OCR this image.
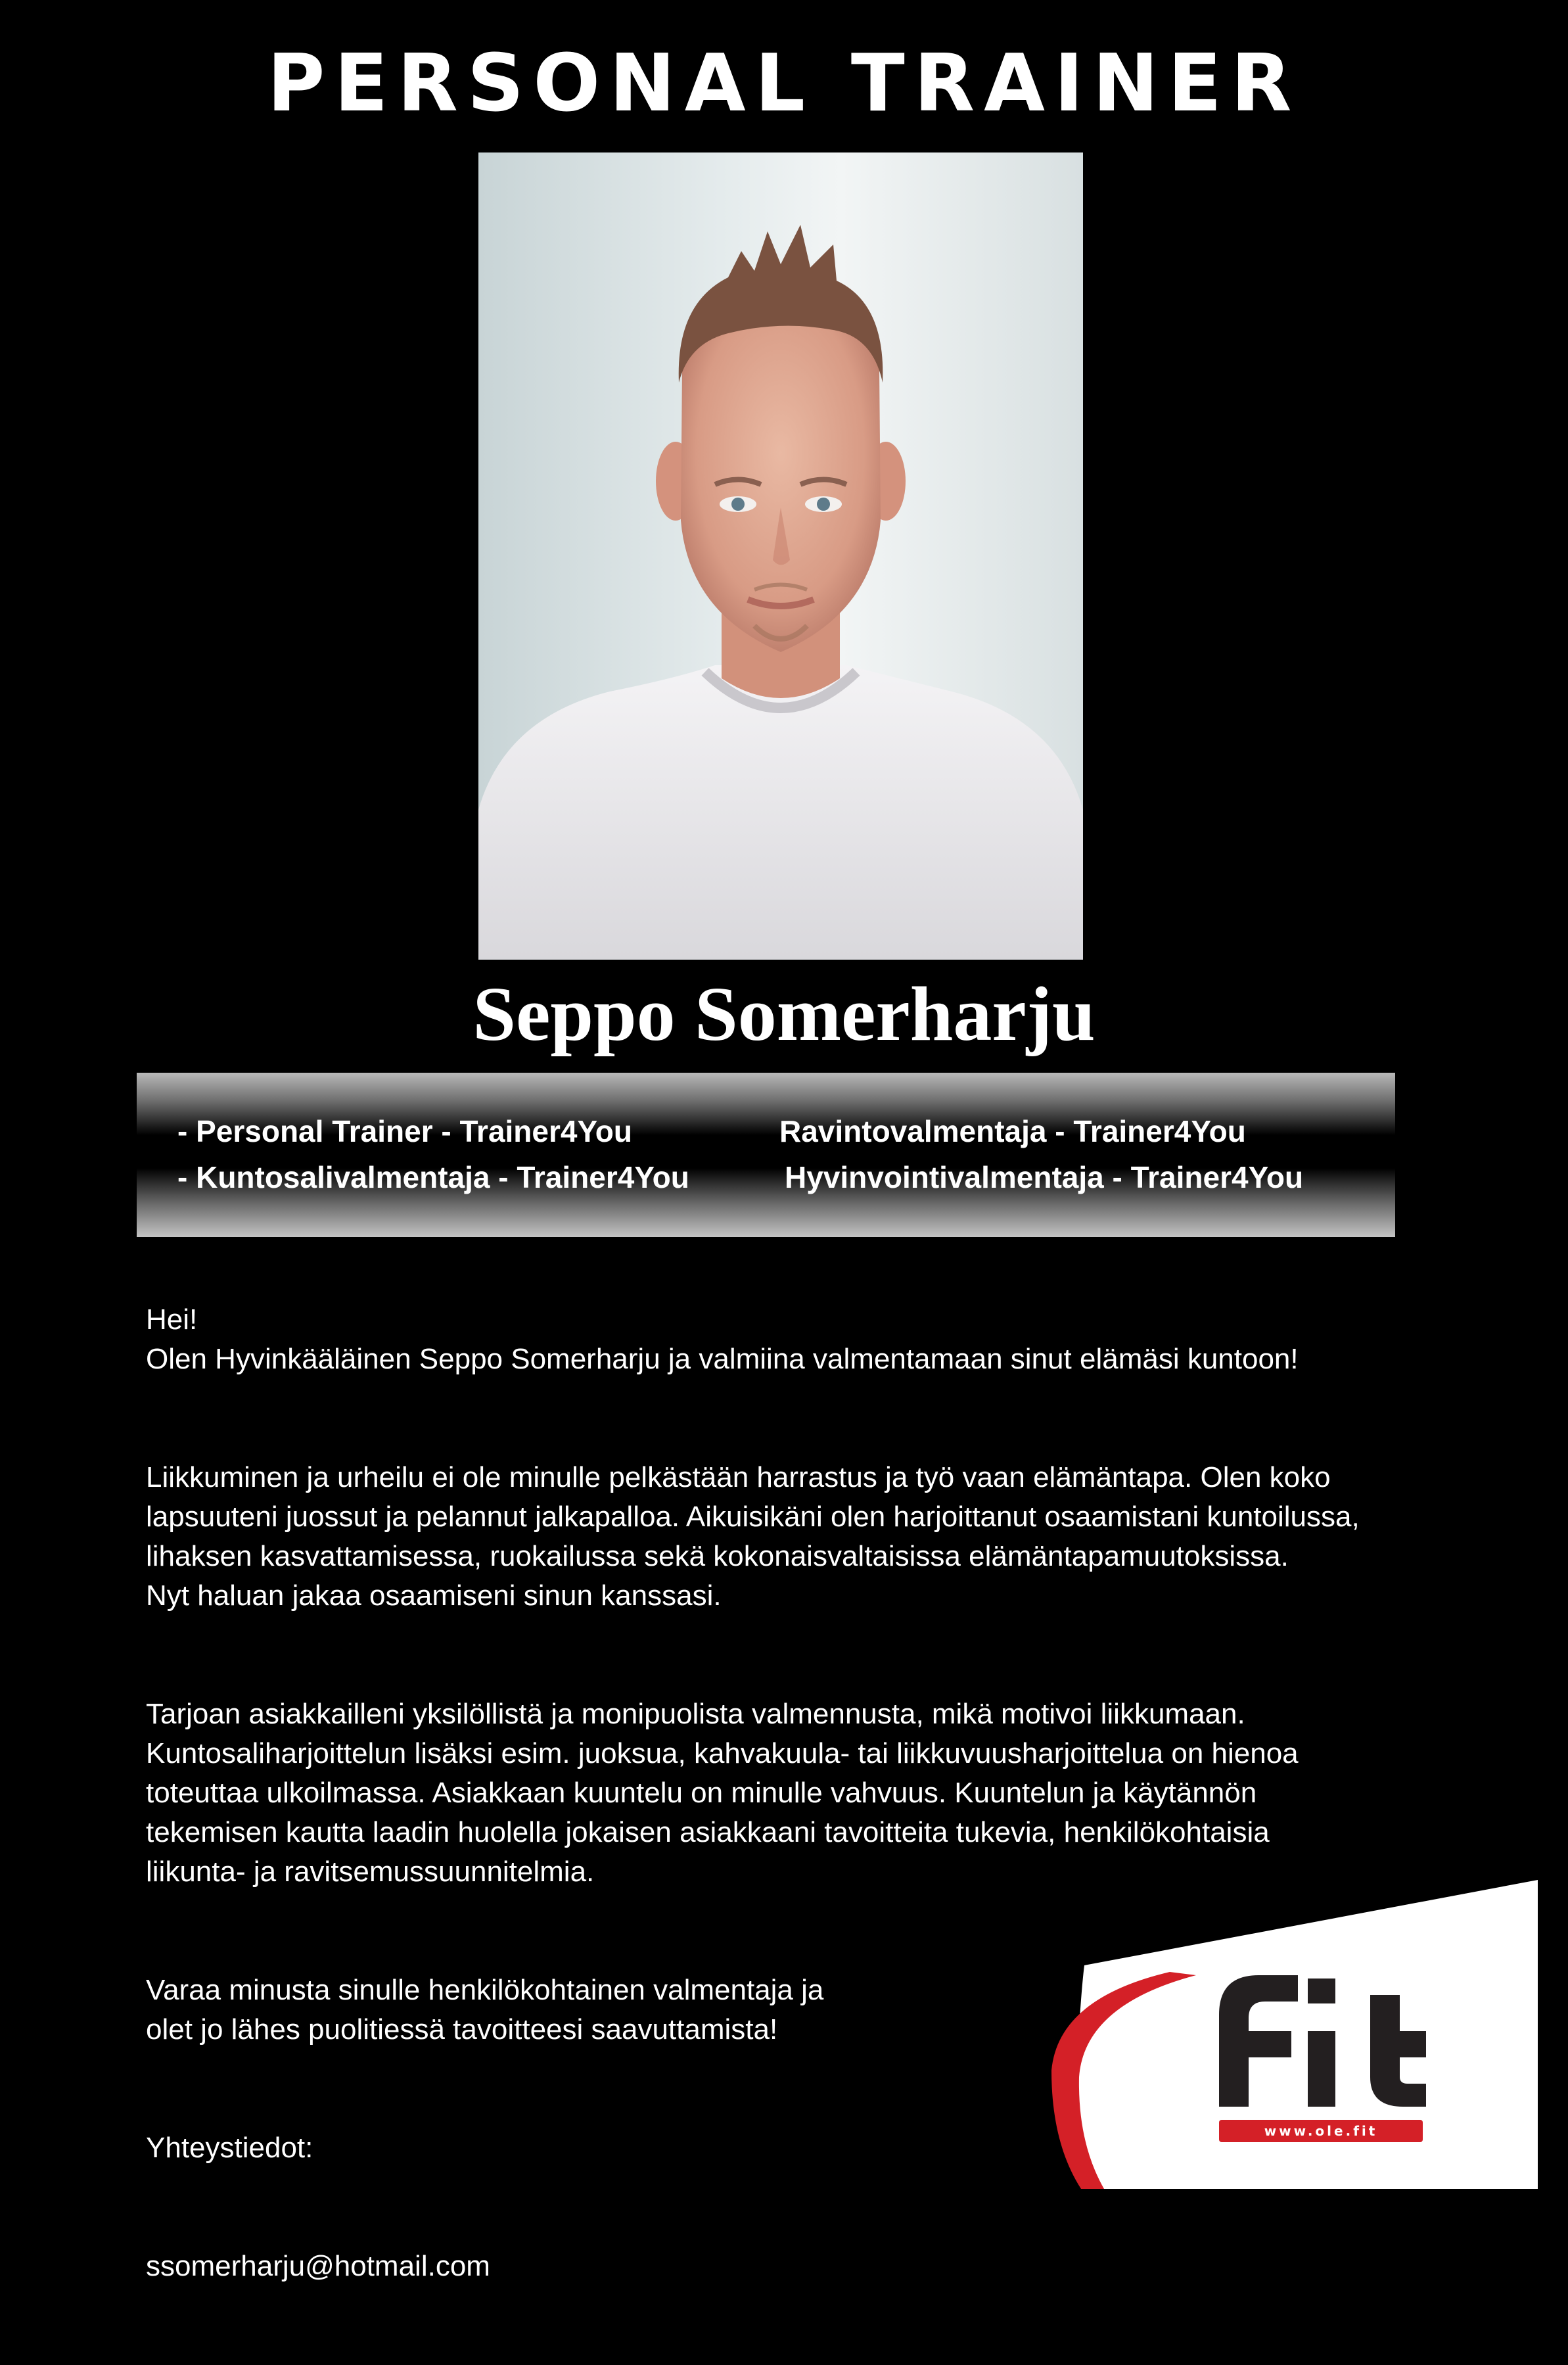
PERSONAL TRAINER
Seppo Somerharju
- Personal Trainer - Trainer4You	Ravintovalmentaja - Trainer4You
- Kuntosalivalmentaja - Trainer4You	Hyvinvointivalmentaja - Trainer4You

Hei!
Olen Hyvinkääläinen Seppo Somerharju ja valmiina valmentamaan sinut elämäsi kuntoon!

Liikkuminen ja urheilu ei ole minulle pelkästään harrastus ja työ vaan elämäntapa. Olen koko
lapsuuteni juossut ja pelannut jalkapalloa. Aikuisikäni olen harjoittanut osaamistani kuntoilussa,
lihaksen kasvattamisessa, ruokailussa sekä kokonaisvaltaisissa elämäntapamuutoksissa.
Nyt haluan jakaa osaamiseni sinun kanssasi.

Tarjoan asiakkailleni yksilöllistä ja monipuolista valmennusta, mikä motivoi liikkumaan.
Kuntosaliharjoittelun lisäksi esim. juoksua, kahvakuula- tai liikkuvuusharjoittelua on hienoa
toteuttaa ulkoilmassa. Asiakkaan kuuntelu on minulle vahvuus. Kuuntelun ja käytännön
tekemisen kautta laadin huolella jokaisen asiakkaani tavoitteita tukevia, henkilökohtaisia
liikunta- ja ravitsemussuunnitelmia.

Varaa minusta sinulle henkilökohtainen valmentaja ja
olet jo lähes puolitiessä tavoitteesi saavuttamista!

Yhteystiedot:

ssomerharju@hotmail.com

www.ole.fit
